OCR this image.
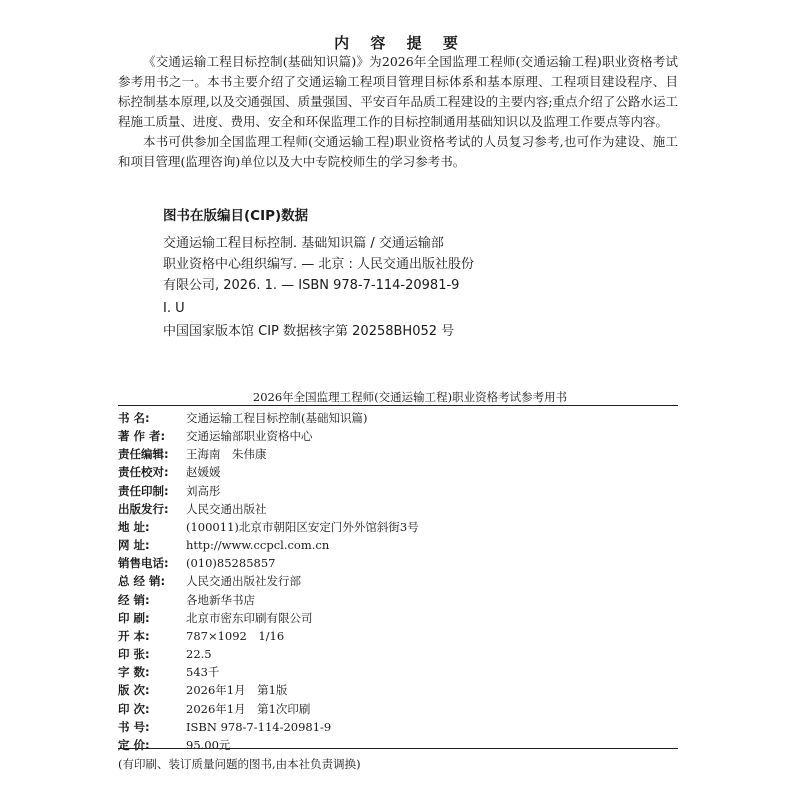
内 容 提 要

《交通运输工程目标控制(基础知识篇)》为2026年全国监理工程师(交通运输工程)职业资格考试参考用书之一。本书主要介绍了交通运输工程项目管理目标体系和基本原理、工程项目建设程序、目标控制基本原理,以及交通强国、质量强国、平安百年品质工程建设的主要内容;重点介绍了公路水运工程施工质量、进度、费用、安全和环保监理工作的目标控制通用基础知识以及监理工作要点等内容。

本书可供参加全国监理工程师(交通运输工程)职业资格考试的人员复习参考,也可作为建设、施工和项目管理(监理咨询)单位以及大中专院校师生的学习参考书。

图书在版编目(CIP)数据
交通运输工程目标控制. 基础知识篇 / 交通运输部
职业资格中心组织编写. — 北京 : 人民交通出版社股份
有限公司, 2026. 1. — ISBN 978-7-114-20981-9
Ⅰ. U
中国国家版本馆 CIP 数据核字第 20258BH052 号
2026年全国监理工程师(交通运输工程)职业资格考试参考用书
书 名:	交通运输工程目标控制(基础知识篇)
著 作 者:	交通运输部职业资格中心
责任编辑:	王海南　朱伟康
责任校对:	赵媛媛
责任印制:	刘高彤
出版发行:	人民交通出版社
地 址:	(100011)北京市朝阳区安定门外外馆斜街3号
网 址:	http://www.ccpcl.com.cn
销售电话:	(010)85285857
总 经 销:	人民交通出版社发行部
经 销:	各地新华书店
印 刷:	北京市密东印刷有限公司
开 本:	787×1092　1/16
印 张:	22.5
字 数:	543千
版 次:	2026年1月　第1版
印 次:	2026年1月　第1次印刷
书 号:	ISBN 978-7-114-20981-9
定 价:	95.00元
(有印刷、装订质量问题的图书,由本社负责调换)
